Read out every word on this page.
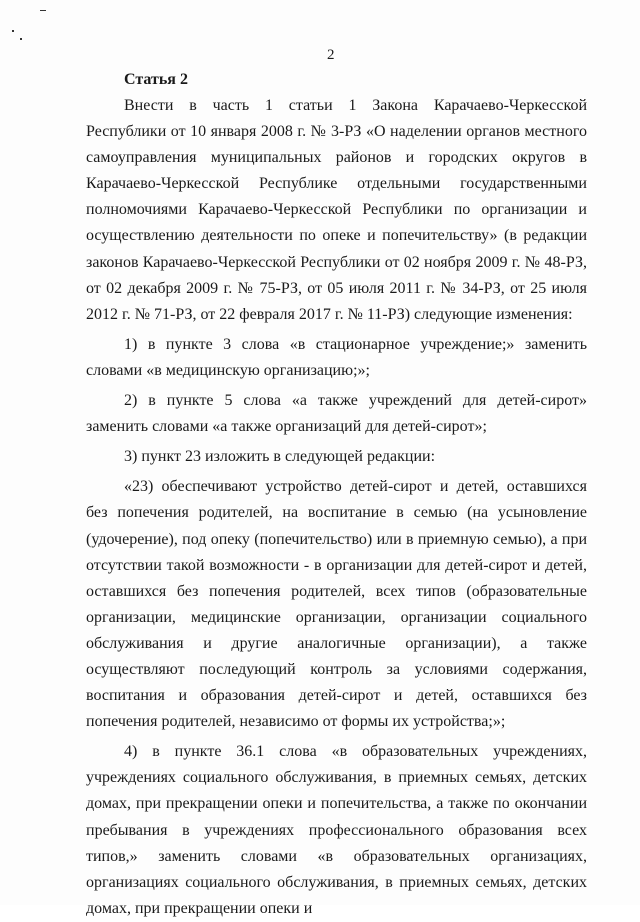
2
Статья 2

Внести в часть 1 статьи 1 Закона Карачаево-Черкесской Республики от 10 января 2008 г. № 3-РЗ «О наделении органов местного самоуправления муниципальных районов и городских округов в Карачаево-Черкесской Республике отдельными государственными полномочиями Карачаево-Черкесской Республики по организации и осуществлению деятельности по опеке и попечительству» (в редакции законов Карачаево-Черкесской Республики от 02 ноября 2009 г. № 48-РЗ, от 02 декабря 2009 г. № 75-РЗ, от 05 июля 2011 г. № 34-РЗ, от 25 июля 2012 г. № 71-РЗ, от 22 февраля 2017 г. № 11-РЗ) следующие изменения:

1) в пункте 3 слова «в стационарное учреждение;» заменить словами «в медицинскую организацию;»;

2) в пункте 5 слова «а также учреждений для детей-сирот» заменить словами «а также организаций для детей-сирот»;

3) пункт 23 изложить в следующей редакции:

«23) обеспечивают устройство детей-сирот и детей, оставшихся без попечения родителей, на воспитание в семью (на усыновление (удочерение), под опеку (попечительство) или в приемную семью), а при отсутствии такой возможности - в организации для детей-сирот и детей, оставшихся без попечения родителей, всех типов (образовательные организации, медицинские организации, организации социального обслуживания и другие аналогичные организации), а также осуществляют последующий контроль за условиями содержания, воспитания и образования детей-сирот и детей, оставшихся без попечения родителей, независимо от формы их устройства;»;

4) в пункте 36.1 слова «в образовательных учреждениях, учреждениях социального обслуживания, в приемных семьях, детских домах, при прекращении опеки и попечительства, а также по окончании пребывания в учреждениях профессионального образования всех типов,» заменить словами «в образовательных организациях, организациях социального обслуживания, в приемных семьях, детских домах, при прекращении опеки и
